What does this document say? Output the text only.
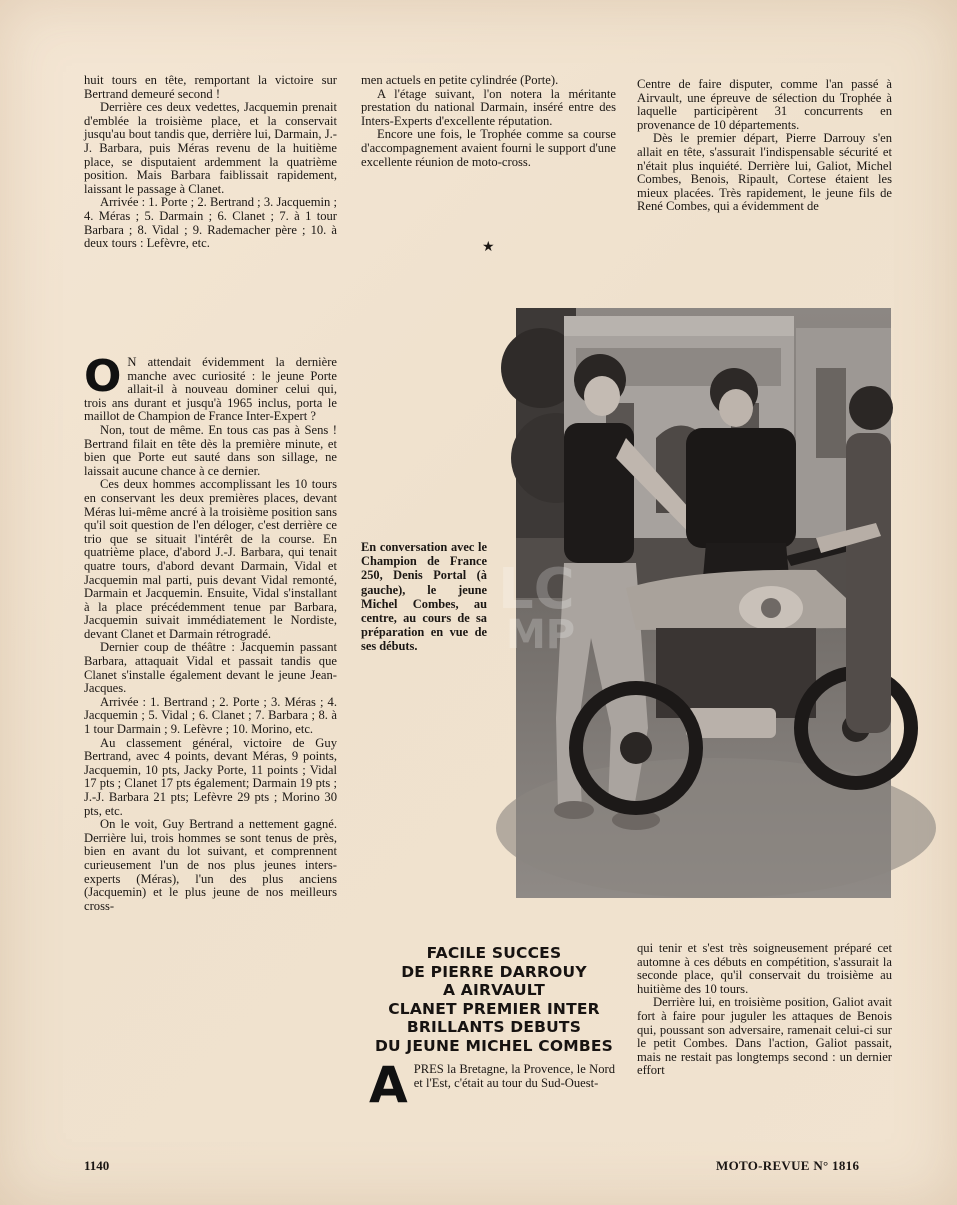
huit tours en tête, remportant la victoire sur Bertrand demeuré second !

Derrière ces deux vedettes, Jacquemin prenait d'emblée la troisième place, et la conservait jusqu'au bout tandis que, derrière lui, Darmain, J.-J. Barbara, puis Méras revenu de la huitième place, se disputaient ardemment la quatrième position. Mais Barbara faiblissait rapidement, laissant le passage à Clanet.

Arrivée : 1. Porte ; 2. Bertrand ; 3. Jacquemin ; 4. Méras ; 5. Darmain ; 6. Clanet ; 7. à 1 tour Barbara ; 8. Vidal ; 9. Rademacher père ; 10. à deux tours : Lefèvre, etc.

O N attendait évidemment la dernière manche avec curiosité : le jeune Porte allait-il à nouveau dominer celui qui, trois ans durant et jusqu'à 1965 inclus, porta le maillot de Champion de France Inter-Expert ?

Non, tout de même. En tous cas pas à Sens ! Bertrand filait en tête dès la première minute, et bien que Porte eut sauté dans son sillage, ne laissait aucune chance à ce dernier.

Ces deux hommes accomplissant les 10 tours en conservant les deux premières places, devant Méras lui-même ancré à la troisième position sans qu'il soit question de l'en déloger, c'est derrière ce trio que se situait l'intérêt de la course. En quatrième place, d'abord J.-J. Barbara, qui tenait quatre tours, d'abord devant Darmain, Vidal et Jacquemin mal parti, puis devant Vidal remonté, Darmain et Jacquemin. Ensuite, Vidal s'installant à la place précédemment tenue par Barbara, Jacquemin suivait immédiatement le Nordiste, devant Clanet et Darmain rétrogradé.

Dernier coup de théâtre : Jacquemin passant Barbara, attaquait Vidal et passait tandis que Clanet s'installe également devant le jeune Jean-Jacques.

Arrivée : 1. Bertrand ; 2. Porte ; 3. Méras ; 4. Jacquemin ; 5. Vidal ; 6. Clanet ; 7. Barbara ; 8. à 1 tour Darmain ; 9. Lefèvre ; 10. Morino, etc.

Au classement général, victoire de Guy Bertrand, avec 4 points, devant Méras, 9 points, Jacquemin, 10 pts, Jacky Porte, 11 points ; Vidal 17 pts ; Clanet 17 pts également; Darmain 19 pts ; J.-J. Barbara 21 pts; Lefèvre 29 pts ; Morino 30 pts, etc.

On le voit, Guy Bertrand a nettement gagné. Derrière lui, trois hommes se sont tenus de près, bien en avant du lot suivant, et comprennent curieusement l'un de nos plus jeunes inters-experts (Méras), l'un des plus anciens (Jacquemin) et le plus jeune de nos meilleurs cross-

men actuels en petite cylindrée (Porte).

A l'étage suivant, l'on notera la méritante prestation du national Darmain, inséré entre des Inters-Experts d'excellente réputation.

Encore une fois, le Trophée comme sa course d'accompagnement avaient fourni le support d'une excellente réunion de moto-cross.

★
En conversation avec le Champion de France 250, Denis Portal (à gauche), le jeune Michel Combes, au centre, au cours de sa préparation en vue de ses débuts.

Centre de faire disputer, comme l'an passé à Airvault, une épreuve de sélection du Trophée à laquelle participèrent 31 concurrents en provenance de 10 départements.

Dès le premier départ, Pierre Darrouy s'en allait en tête, s'assurait l'indispensable sécurité et n'était plus inquiété. Derrière lui, Galiot, Michel Combes, Benois, Ripault, Cortese étaient les mieux placées. Très rapidement, le jeune fils de René Combes, qui a évidemment de

LC
MP
FACILE SUCCES
DE PIERRE DARROUY
A AIRVAULT
CLANET PREMIER INTER
BRILLANTS DEBUTS
DU JEUNE MICHEL COMBES

APRES la Bretagne, la Provence, le Nord et l'Est, c'était au tour du Sud-Ouest-

qui tenir et s'est très soigneusement préparé cet automne à ces débuts en compétition, s'assurait la seconde place, qu'il conservait du troisième au huitième des 10 tours.

Derrière lui, en troisième position, Galiot avait fort à faire pour juguler les attaques de Benois qui, poussant son adversaire, ramenait celui-ci sur le petit Combes. Dans l'action, Galiot passait, mais ne restait pas longtemps second : un dernier effort

1140	MOTO-REVUE N° 1816
